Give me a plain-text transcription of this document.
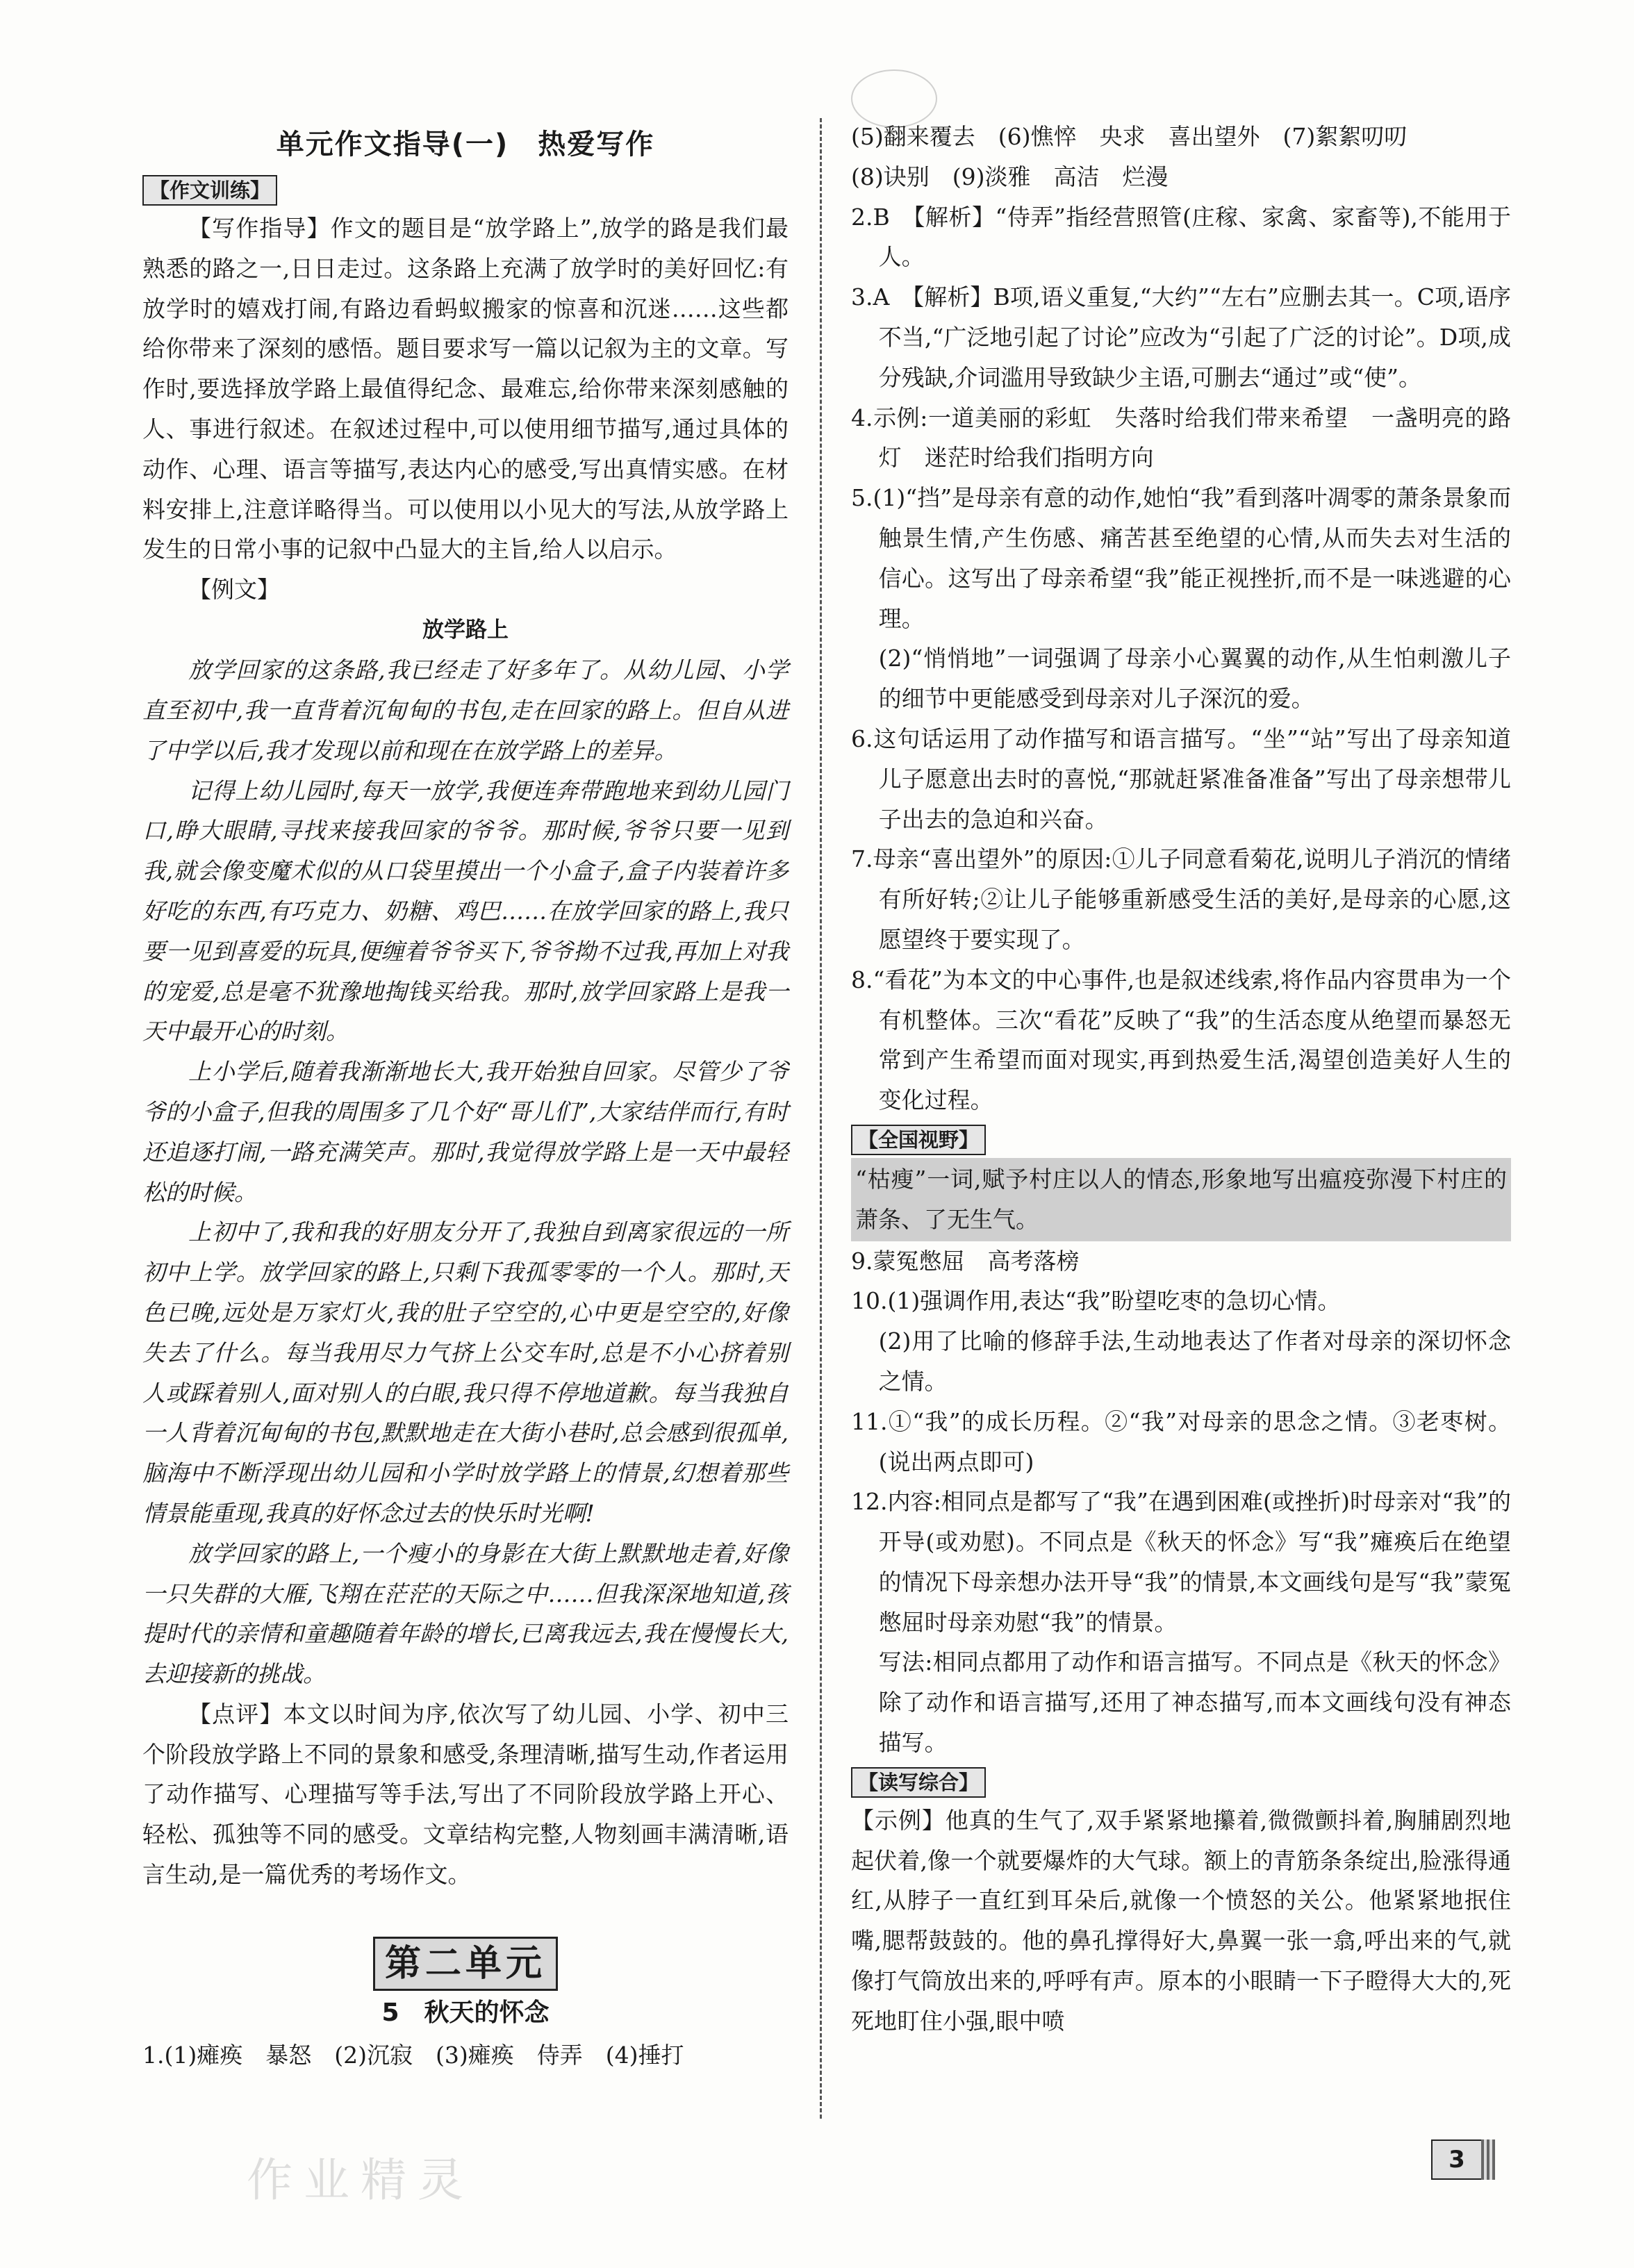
单元作文指导(一)　热爱写作
【作文训练】

【写作指导】作文的题目是“放学路上”,放学的路是我们最熟悉的路之一,日日走过。这条路上充满了放学时的美好回忆:有放学时的嬉戏打闹,有路边看蚂蚁搬家的惊喜和沉迷……这些都给你带来了深刻的感悟。题目要求写一篇以记叙为主的文章。写作时,要选择放学路上最值得纪念、最难忘,给你带来深刻感触的人、事进行叙述。在叙述过程中,可以使用细节描写,通过具体的动作、心理、语言等描写,表达内心的感受,写出真情实感。在材料安排上,注意详略得当。可以使用以小见大的写法,从放学路上发生的日常小事的记叙中凸显大的主旨,给人以启示。

【例文】
放学路上

放学回家的这条路,我已经走了好多年了。从幼儿园、小学直至初中,我一直背着沉甸甸的书包,走在回家的路上。但自从进了中学以后,我才发现以前和现在在放学路上的差异。

记得上幼儿园时,每天一放学,我便连奔带跑地来到幼儿园门口,睁大眼睛,寻找来接我回家的爷爷。那时候,爷爷只要一见到我,就会像变魔术似的从口袋里摸出一个小盒子,盒子内装着许多好吃的东西,有巧克力、奶糖、鸡巴……在放学回家的路上,我只要一见到喜爱的玩具,便缠着爷爷买下,爷爷拗不过我,再加上对我的宠爱,总是毫不犹豫地掏钱买给我。那时,放学回家路上是我一天中最开心的时刻。

上小学后,随着我渐渐地长大,我开始独自回家。尽管少了爷爷的小盒子,但我的周围多了几个好“哥儿们”,大家结伴而行,有时还追逐打闹,一路充满笑声。那时,我觉得放学路上是一天中最轻松的时候。

上初中了,我和我的好朋友分开了,我独自到离家很远的一所初中上学。放学回家的路上,只剩下我孤零零的一个人。那时,天色已晚,远处是万家灯火,我的肚子空空的,心中更是空空的,好像失去了什么。每当我用尽力气挤上公交车时,总是不小心挤着别人或踩着别人,面对别人的白眼,我只得不停地道歉。每当我独自一人背着沉甸甸的书包,默默地走在大街小巷时,总会感到很孤单,脑海中不断浮现出幼儿园和小学时放学路上的情景,幻想着那些情景能重现,我真的好怀念过去的快乐时光啊!

放学回家的路上,一个瘦小的身影在大街上默默地走着,好像一只失群的大雁,飞翔在茫茫的天际之中……但我深深地知道,孩提时代的亲情和童趣随着年龄的增长,已离我远去,我在慢慢长大,去迎接新的挑战。

【点评】本文以时间为序,依次写了幼儿园、小学、初中三个阶段放学路上不同的景象和感受,条理清晰,描写生动,作者运用了动作描写、心理描写等手法,写出了不同阶段放学路上开心、轻松、孤独等不同的感受。文章结构完整,人物刻画丰满清晰,语言生动,是一篇优秀的考场作文。

第二单元
5　秋天的怀念

1.(1)瘫痪　暴怒　(2)沉寂　(3)瘫痪　侍弄　(4)捶打

(5)翻来覆去　(6)憔悴　央求　喜出望外　(7)絮絮叨叨

(8)诀别　(9)淡雅　高洁　烂漫

2.B　【解析】“侍弄”指经营照管(庄稼、家禽、家畜等),不能用于人。

3.A　【解析】B项,语义重复,“大约”“左右”应删去其一。C项,语序不当,“广泛地引起了讨论”应改为“引起了广泛的讨论”。D项,成分残缺,介词滥用导致缺少主语,可删去“通过”或“使”。

4.示例:一道美丽的彩虹　失落时给我们带来希望　一盏明亮的路灯　迷茫时给我们指明方向

5.(1)“挡”是母亲有意的动作,她怕“我”看到落叶凋零的萧条景象而触景生情,产生伤感、痛苦甚至绝望的心情,从而失去对生活的信心。这写出了母亲希望“我”能正视挫折,而不是一味逃避的心理。

(2)“悄悄地”一词强调了母亲小心翼翼的动作,从生怕刺激儿子的细节中更能感受到母亲对儿子深沉的爱。

6.这句话运用了动作描写和语言描写。“坐”“站”写出了母亲知道儿子愿意出去时的喜悦,“那就赶紧准备准备”写出了母亲想带儿子出去的急迫和兴奋。

7.母亲“喜出望外”的原因:①儿子同意看菊花,说明儿子消沉的情绪有所好转;②让儿子能够重新感受生活的美好,是母亲的心愿,这愿望终于要实现了。

8.“看花”为本文的中心事件,也是叙述线索,将作品内容贯串为一个有机整体。三次“看花”反映了“我”的生活态度从绝望而暴怒无常到产生希望而面对现实,再到热爱生活,渴望创造美好人生的变化过程。

【全国视野】

“枯瘦”一词,赋予村庄以人的情态,形象地写出瘟疫弥漫下村庄的萧条、了无生气。

9.蒙冤憋屈　高考落榜

10.(1)强调作用,表达“我”盼望吃枣的急切心情。

(2)用了比喻的修辞手法,生动地表达了作者对母亲的深切怀念之情。

11.①“我”的成长历程。②“我”对母亲的思念之情。③老枣树。(说出两点即可)

12.内容:相同点是都写了“我”在遇到困难(或挫折)时母亲对“我”的开导(或劝慰)。不同点是《秋天的怀念》写“我”瘫痪后在绝望的情况下母亲想办法开导“我”的情景,本文画线句是写“我”蒙冤憋屈时母亲劝慰“我”的情景。

写法:相同点都用了动作和语言描写。不同点是《秋天的怀念》除了动作和语言描写,还用了神态描写,而本文画线句没有神态描写。

【读写综合】

【示例】他真的生气了,双手紧紧地攥着,微微颤抖着,胸脯剧烈地起伏着,像一个就要爆炸的大气球。额上的青筋条条绽出,脸涨得通红,从脖子一直红到耳朵后,就像一个愤怒的关公。他紧紧地抿住嘴,腮帮鼓鼓的。他的鼻孔撑得好大,鼻翼一张一翕,呼出来的气,就像打气筒放出来的,呼呼有声。原本的小眼睛一下子瞪得大大的,死死地盯住小强,眼中喷

作业精灵	3
